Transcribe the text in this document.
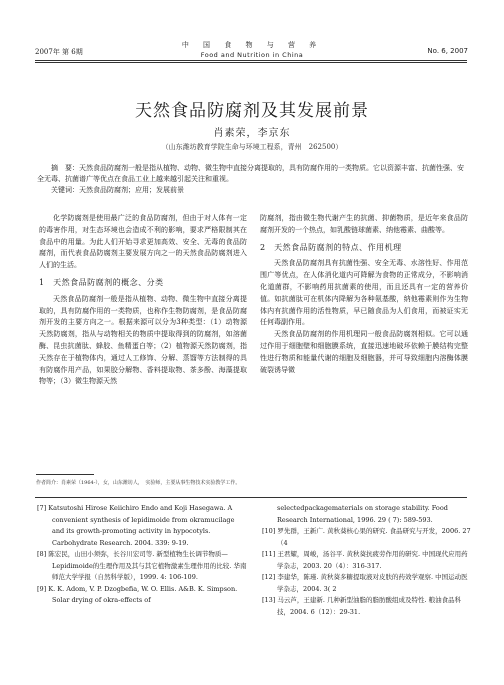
2007年 第 6期
中 国 食 物 与 营 养
Food and Nutrition in China	No. 6, 2007
天然食品防腐剂及其发展前景
肖素荣，李京东
（山东潍坊教育学院生命与环境工程系，青州　262500）

摘　要：天然食品防腐剂一般是指从植物、动物、微生物中直接分离提取的，具有防腐作用的一类物质。它以资源丰富、抗菌性强、安全无毒、抗菌谱广等优点在食品工业上越来越引起关注和重视。

关键词：天然食品防腐剂；应用；发展前景

化学防腐剂是使用最广泛的食品防腐剂，但由于对人体有一定的毒害作用，对生态环境也会造成不利的影响，要求严格限制其在食品中的用量。为此人们开始寻求更加高效、安全、无毒的食品防腐剂，而代表食品防腐剂主要发展方向之一的天然食品防腐剂进入人们的生活。

1　天然食品防腐剂的概念、分类

天然食品防腐剂一般是指从植物、动物、微生物中直接分离提取的，具有防腐作用的一类物质，也称作生物防腐剂，是食品防腐剂开发的主要方向之一。根据来源可以分为3种类型：（1）动物源天然防腐剂，指从与动物相关的物质中提取得到的防腐剂，如溶菌酶、昆虫抗菌肽、蜂胶、鱼精蛋白等；（2）植物源天然防腐剂，指天然存在于植物体内，通过人工修饰、分解、蒸馏等方法制得的具有防腐作用产品，如果胶分解物、香料提取物、茶多酚、海藻提取物等；（3）微生物源天然

防腐剂，指由微生物代谢产生的抗菌、抑菌物质，是近年来食品防腐剂开发的一个热点，如乳酸链球菌素、纳他霉素、曲酸等。

2　天然食品防腐剂的特点、作用机理

天然食品防腐剂具有抗菌性强、安全无毒、水溶性好、作用范围广等优点，在人体消化道内可降解为食物的正常成分，不影响消化道菌群，不影响药用抗菌素的使用，而且还具有一定的营养价值。如抗菌肽可在机体内降解为各种氨基酸，纳他霉素则作为生物体内有抗菌作用的活性物质，早已随食品为人们食用，而被证实无任何毒副作用。

天然食品防腐剂的作用机理同一般食品防腐剂相似。它可以通过作用于细胞壁和细胞膜系统，直接迅速地破坏依赖于膜结构完整性进行物质和能量代谢的细胞及细胞器，并可导致细胞内溶酶体膜破裂诱导微

作者简介：肖素荣（1964-），女，山东潍坊人，　实验师，主要从事生物技术实验教学工作。

[7] Katsutoshi Hirose Keiichiro Endo and Koji Hasegawa. A convenient synthesis of lepidimoide from okramucilage and its growth-promoting activity in hypocotyls. Carbohydrate Research. 2004. 339: 9-19.

[8] 陈宏民，山田小须弥，长谷川宏司等. 新型植物生长调节物质—Lepidimoide的生理作用及其与其它植物激素生理作用的比较. 华南师范大学学报（自然科学版），1999. 4: 106-109.

[9] K. K. Adom, V. P. Dzogbefia, W. O. Ellis. A&B. K. Simpson. Solar drying of okra-effects of

selectedpackagematerials on storage stability. Food Research International, 1996. 29 ( 7): 589-593.

[10] 罗先群，王新广. 黄秋葵核心果的研究. 食品研究与开发，2006. 27（4

[11] 王君耀，周峻，汤谷平. 黄秋葵抗疲劳作用的研究. 中国现代应用药学杂志，2003. 20（4）：316-317.

[12] 李建华，陈瑾. 黄秋葵多糖提取液对皮肤的药效学观察. 中国运动医学杂志，2004. 3( 2

[13] 马云芦，王建新. 几种新型油脂的脂肪酸组成及特性. 粮油食品科技，2004. 6（12）：29-31.
